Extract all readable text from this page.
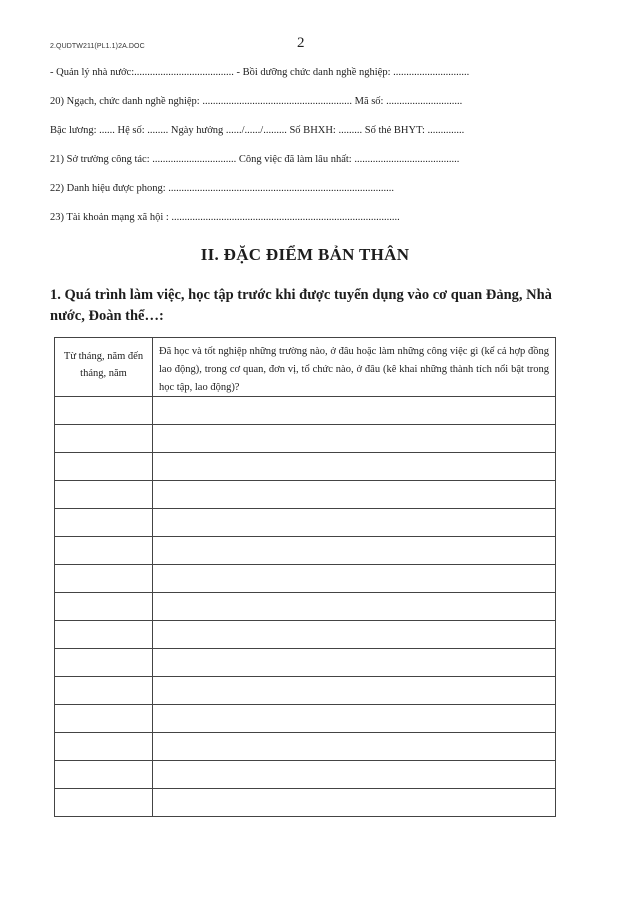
2.QUDTW211(PL1.1)2A.DOC	2
- Quản lý nhà nước:...................................... - Bồi dưỡng chức danh nghề nghiệp: .............................
20) Ngạch, chức danh nghề nghiệp: ......................................................... Mã số: .............................
Bậc lương: ...... Hệ số: ........ Ngày hưởng ....../....../......... Số BHXH: ......... Số thẻ BHYT: ..............
21) Sở trường công tác: ................................ Công việc đã làm lâu nhất: ........................................
22) Danh hiệu được phong: ......................................................................................
23) Tài khoản mạng xã hội : .......................................................................................
II. ĐẶC ĐIỂM BẢN THÂN
1. Quá trình làm việc, học tập trước khi được tuyển dụng vào cơ quan Đảng, Nhà nước, Đoàn thể…:
Từ tháng, năm đến tháng, năm	Đã học và tốt nghiệp những trường nào, ở đâu hoặc làm những công việc gì (kể cả hợp đồng lao động), trong cơ quan, đơn vị, tổ chức nào, ở đâu (kê khai những thành tích nổi bật trong học tập, lao động)?
